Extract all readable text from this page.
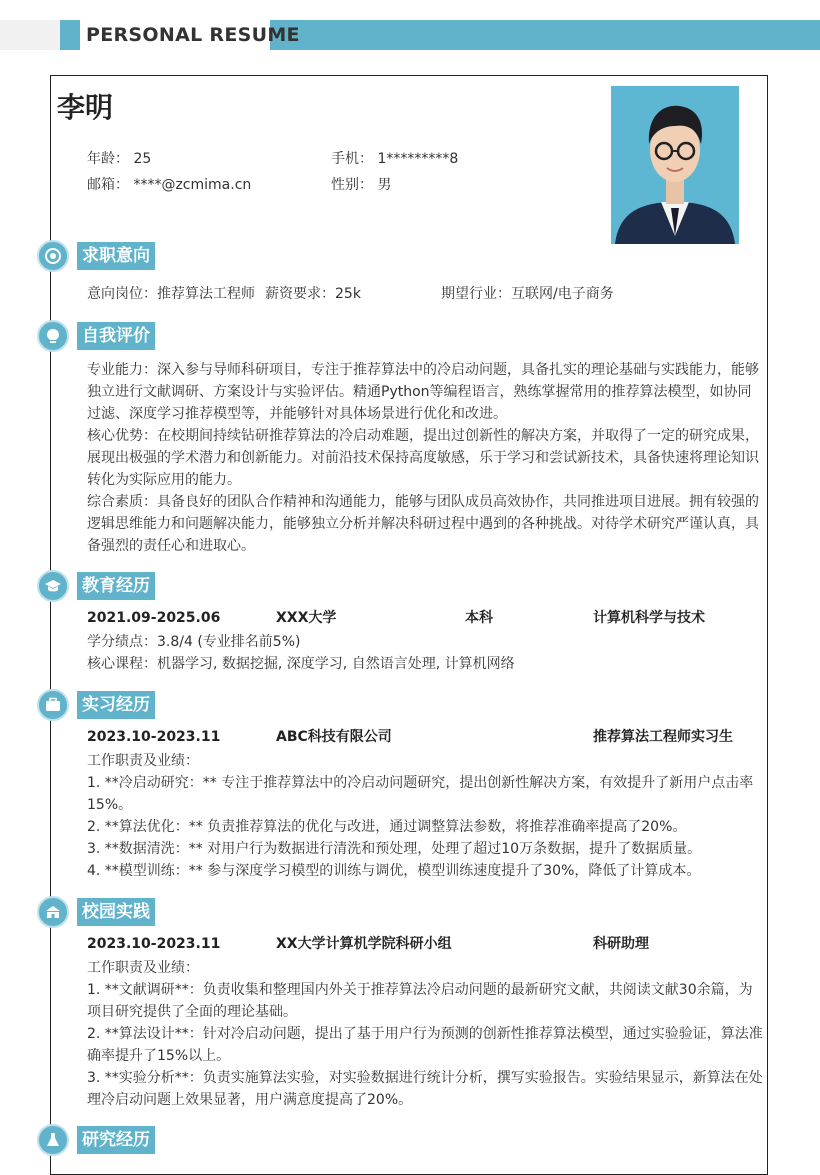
PERSONAL RESUME
李明
年龄： 25	手机： 1*********8
邮箱： ****@zcmima.cn	性别： 男
求职意向
意向岗位：推荐算法工程师 薪资要求：25k	期望行业：互联网/电子商务
自我评价
专业能力：深入参与导师科研项目，专注于推荐算法中的冷启动问题，具备扎实的理论基础与实践能力，能够独立进行文献调研、方案设计与实验评估。精通Python等编程语言，熟练掌握常用的推荐算法模型，如协同过滤、深度学习推荐模型等，并能够针对具体场景进行优化和改进。
核心优势：在校期间持续钻研推荐算法的冷启动难题，提出过创新性的解决方案，并取得了一定的研究成果，展现出极强的学术潜力和创新能力。对前沿技术保持高度敏感，乐于学习和尝试新技术，具备快速将理论知识转化为实际应用的能力。
综合素质：具备良好的团队合作精神和沟通能力，能够与团队成员高效协作，共同推进项目进展。拥有较强的逻辑思维能力和问题解决能力，能够独立分析并解决科研过程中遇到的各种挑战。对待学术研究严谨认真，具备强烈的责任心和进取心。
教育经历
2021.09-2025.06	XXX大学	本科	计算机科学与技术
学分绩点：3.8/4 (专业排名前5%)
核心课程：机器学习, 数据挖掘, 深度学习, 自然语言处理, 计算机网络
实习经历
2023.10-2023.11	ABC科技有限公司	推荐算法工程师实习生
工作职责及业绩：
1. **冷启动研究：** 专注于推荐算法中的冷启动问题研究，提出创新性解决方案，有效提升了新用户点击率15%。
2. **算法优化：** 负责推荐算法的优化与改进，通过调整算法参数，将推荐准确率提高了20%。
3. **数据清洗：** 对用户行为数据进行清洗和预处理，处理了超过10万条数据，提升了数据质量。
4. **模型训练：** 参与深度学习模型的训练与调优，模型训练速度提升了30%，降低了计算成本。
校园实践
2023.10-2023.11	XX大学计算机学院科研小组	科研助理
工作职责及业绩：
1. **文献调研**：负责收集和整理国内外关于推荐算法冷启动问题的最新研究文献，共阅读文献30余篇，为项目研究提供了全面的理论基础。
2. **算法设计**：针对冷启动问题，提出了基于用户行为预测的创新性推荐算法模型，通过实验验证，算法准确率提升了15%以上。
3. **实验分析**：负责实施算法实验，对实验数据进行统计分析，撰写实验报告。实验结果显示，新算法在处理冷启动问题上效果显著，用户满意度提高了20%。
研究经历
